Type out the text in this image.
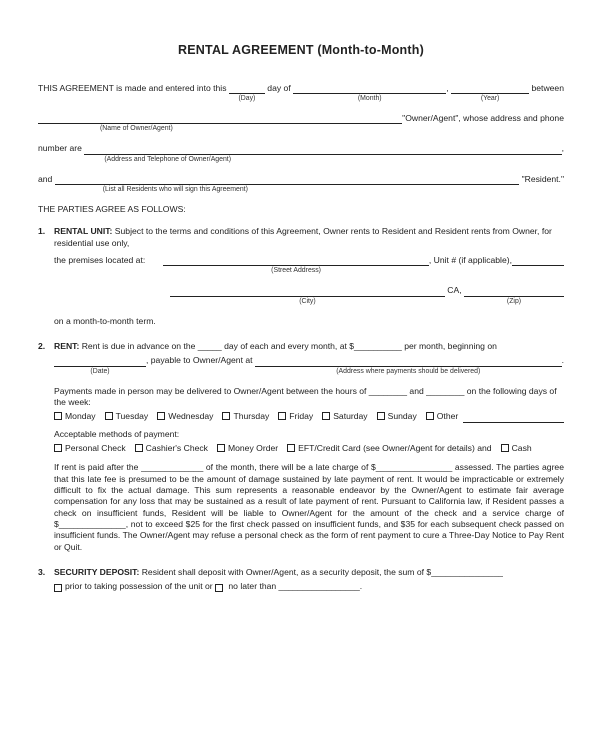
RENTAL AGREEMENT (Month-to-Month)
THIS AGREEMENT is made and entered into this
(Day)
day of
(Month)
,
(Year)
between
(Name of Owner/Agent)
"Owner/Agent", whose address and phone
number are
(Address and Telephone of Owner/Agent)
,
and
(List all Residents who will sign this Agreement)
"Resident."
THE PARTIES AGREE AS FOLLOWS:
1.	RENTAL UNIT: Subject to the terms and conditions of this Agreement, Owner rents to Resident and Resident rents from Owner, for residential use only,
the premises located at:
(Street Address)
, Unit # (if applicable),
(City)
CA,
(Zip)
on a month-to-month term.
2.	RENT: Rent is due in advance on the _____ day of each and every month, at $__________ per month, beginning on
(Date)
, payable to Owner/Agent at
(Address where payments should be delivered)
.
Payments made in person may be delivered to Owner/Agent between the hours of ________ and ________ on the following days of the week:
Monday Tuesday Wednesday Thursday Friday Saturday Sunday Other
Acceptable methods of payment:
Personal Check Cashier's Check Money Order EFT/Credit Card (see Owner/Agent for details) and Cash
If rent is paid after the _____________ of the month, there will be a late charge of $________________ assessed. The parties agree that this late fee is presumed to be the amount of damage sustained by late payment of rent. It would be impracticable or extremely difficult to fix the actual damage. This sum represents a reasonable endeavor by the Owner/Agent to estimate fair average compensation for any loss that may be sustained as a result of late payment of rent. Pursuant to California law, if Resident passes a check on insufficient funds, Resident will be liable to Owner/Agent for the amount of the check and a service charge of $______________, not to exceed $25 for the first check passed on insufficient funds, and $35 for each subsequent check passed on insufficient funds. The Owner/Agent may refuse a personal check as the form of rent payment to cure a Three-Day Notice to Pay Rent or Quit.
3.	SECURITY DEPOSIT: Resident shall deposit with Owner/Agent, as a security deposit, the sum of $_______________
prior to taking possession of the unit or no later than _________________.
